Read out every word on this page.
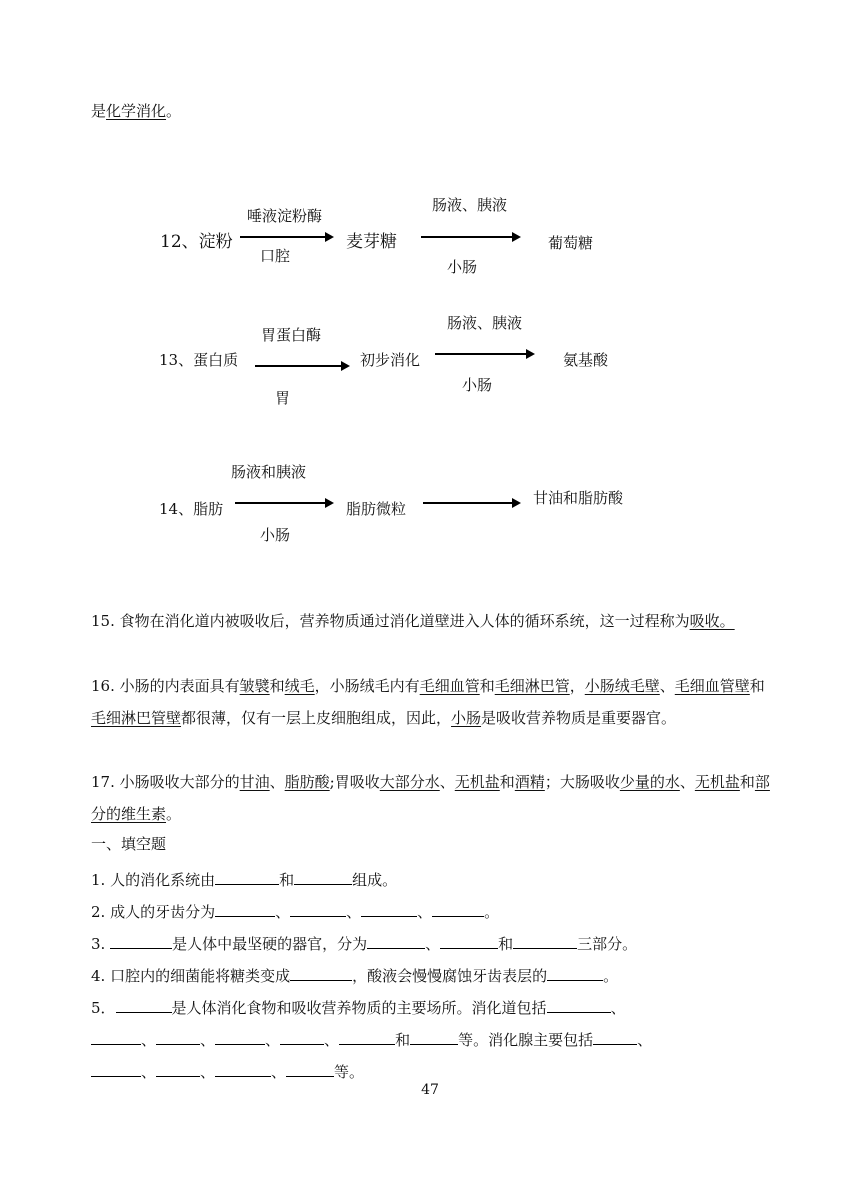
是化学消化。
唾液淀粉酶
12、淀粉
口腔
麦芽糖
肠液、胰液
小肠
葡萄糖
胃蛋白酶
肠液、胰液
13、蛋白质	初步消化	氨基酸
小肠
胃
肠液和胰液
甘油和脂肪酸
14、脂肪	脂肪微粒
小肠
15. 食物在消化道内被吸收后，营养物质通过消化道壁进入人体的循环系统，这一过程称为吸收。
16. 小肠的内表面具有皱襞和绒毛，小肠绒毛内有毛细血管和毛细淋巴管，小肠绒毛壁、毛细血管壁和毛细淋巴管壁都很薄，仅有一层上皮细胞组成，因此，小肠是吸收营养物质是重要器官。
17. 小肠吸收大部分的甘油、脂肪酸;胃吸收大部分水、无机盐和酒精；大肠吸收少量的水、无机盐和部分的维生素。
一、填空题
1. 人的消化系统由	和	组成。
2. 成人的牙齿分为	、	、	、	。
3.	是人体中最坚硬的器官，分为	、	和	三部分。
4. 口腔内的细菌能将糖类变成	，酸液会慢慢腐蚀牙齿表层的	。
5．	是人体消化食物和吸收营养物质的主要场所。消化道包括	、
、	、	、	、	和	等。消化腺主要包括	、
、	、	、	等。
47
